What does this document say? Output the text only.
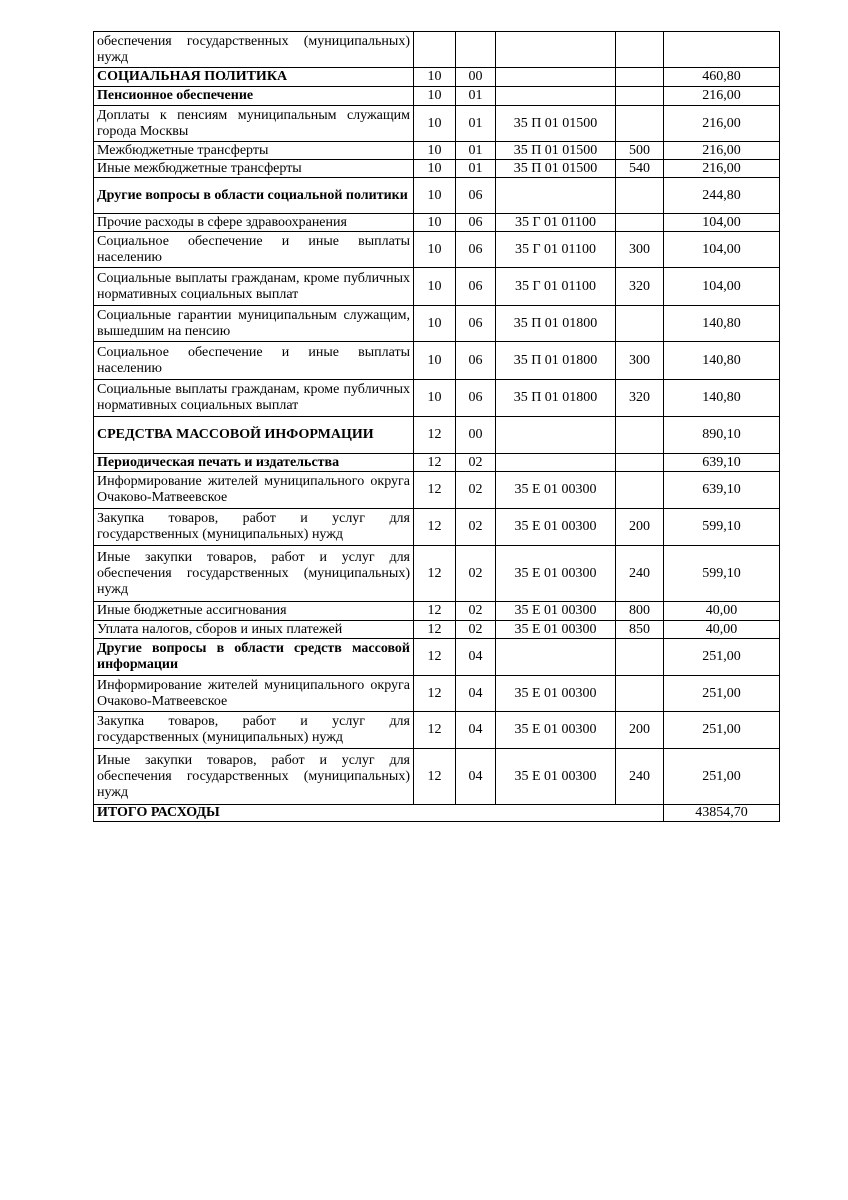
обеспечения государственных (муниципальных) нужд					
СОЦИАЛЬНАЯ ПОЛИТИКА	10	00			460,80
Пенсионное обеспечение	10	01			216,00
Доплаты к пенсиям муниципальным служащим города Москвы	10	01	35 П 01 01500		216,00
Межбюджетные трансферты	10	01	35 П 01 01500	500	216,00
Иные межбюджетные трансферты	10	01	35 П 01 01500	540	216,00
Другие вопросы в области социальной политики	10	06			244,80
Прочие расходы в сфере здравоохранения	10	06	35 Г 01 01100		104,00
Социальное обеспечение и иные выплаты населению	10	06	35 Г 01 01100	300	104,00
Социальные выплаты гражданам, кроме публичных нормативных социальных выплат	10	06	35 Г 01 01100	320	104,00
Социальные гарантии муниципальным служащим, вышедшим на пенсию	10	06	35 П 01 01800		140,80
Социальное обеспечение и иные выплаты населению	10	06	35 П 01 01800	300	140,80
Социальные выплаты гражданам, кроме публичных нормативных социальных выплат	10	06	35 П 01 01800	320	140,80
СРЕДСТВА МАССОВОЙ ИНФОРМАЦИИ	12	00			890,10
Периодическая печать и издательства	12	02			639,10
Информирование жителей муниципального округа Очаково-Матвеевское	12	02	35 Е 01 00300		639,10
Закупка товаров, работ и услуг для государственных (муниципальных) нужд	12	02	35 Е 01 00300	200	599,10
Иные закупки товаров, работ и услуг для обеспечения государственных (муниципальных) нужд	12	02	35 Е 01 00300	240	599,10
Иные бюджетные ассигнования	12	02	35 Е 01 00300	800	40,00
Уплата налогов, сборов и иных платежей	12	02	35 Е 01 00300	850	40,00
Другие вопросы в области средств массовой информации	12	04			251,00
Информирование жителей муниципального округа Очаково-Матвеевское	12	04	35 Е 01 00300		251,00
Закупка товаров, работ и услуг для государственных (муниципальных) нужд	12	04	35 Е 01 00300	200	251,00
Иные закупки товаров, работ и услуг для обеспечения государственных (муниципальных) нужд	12	04	35 Е 01 00300	240	251,00
ИТОГО РАСХОДЫ					43854,70
